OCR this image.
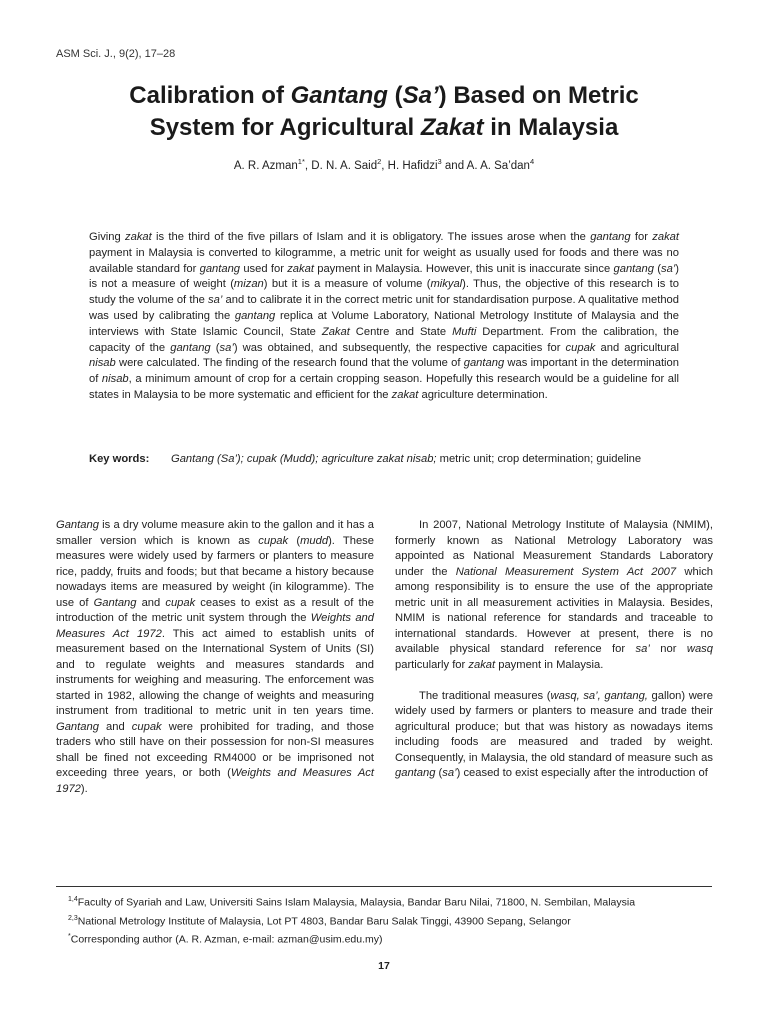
ASM Sci. J., 9(2), 17–28
Calibration of Gantang (Sa’) Based on Metric
System for Agricultural Zakat in Malaysia
A. R. Azman$^{1*}$, D. N. A. Said$^2$, H. Hafidzi$^3$ and A. A. Sa’dan$^4$
Giving zakat is the third of the five pillars of Islam and it is obligatory. The issues arose when the gantang for zakat payment in Malaysia is converted to kilogramme, a metric unit for weight as usually used for foods and there was no available standard for gantang used for zakat payment in Malaysia. However, this unit is inaccurate since gantang (sa’) is not a measure of weight (mizan) but it is a measure of volume (mikyal). Thus, the objective of this research is to study the volume of the sa’ and to calibrate it in the correct metric unit for standardisation purpose. A qualitative method was used by calibrating the gantang replica at Volume Laboratory, National Metrology Institute of Malaysia and the interviews with State Islamic Council, State Zakat Centre and State Mufti Department. From the calibration, the capacity of the gantang (sa’) was obtained, and subsequently, the respective capacities for cupak and agricultural nisab were calculated. The finding of the research found that the volume of gantang was important in the determination of nisab, a minimum amount of crop for a certain cropping season. Hopefully this research would be a guideline for all states in Malaysia to be more systematic and efficient for the zakat agriculture determination.
Key words:	Gantang (Sa’); cupak (Mudd); agriculture zakat nisab; metric unit; crop determination; guideline

Gantang is a dry volume measure akin to the gallon and it has a smaller version which is known as cupak (mudd). These measures were widely used by farmers or planters to measure rice, paddy, fruits and foods; but that became a history because nowadays items are measured by weight (in kilogramme). The use of Gantang and cupak ceases to exist as a result of the introduction of the metric unit system through the Weights and Measures Act 1972. This act aimed to establish units of measurement based on the International System of Units (SI) and to regulate weights and measures standards and instruments for weighing and measuring. The enforcement was started in 1982, allowing the change of weights and measuring instrument from traditional to metric unit in ten years time. Gantang and cupak were prohibited for trading, and those traders who still have on their possession for non-SI measures shall be fined not exceeding RM4000 or be imprisoned not exceeding three years, or both (Weights and Measures Act 1972).

In 2007, National Metrology Institute of Malaysia (NMIM), formerly known as National Metrology Laboratory was appointed as National Measurement Standards Laboratory under the National Measurement System Act 2007 which among responsibility is to ensure the use of the appropriate metric unit in all measurement activities in Malaysia. Besides, NMIM is national reference for standards and traceable to international standards. However at present, there is no available physical standard reference for sa’ nor wasq particularly for zakat payment in Malaysia.

The traditional measures (wasq, sa’, gantang, gallon) were widely used by farmers or planters to measure and trade their agricultural produce; but that was history as nowadays items including foods are measured and traded by weight. Consequently, in Malaysia, the old standard of measure such as gantang (sa’) ceased to exist especially after the introduction of

$^{1,4}$Faculty of Syariah and Law, Universiti Sains Islam Malaysia, Malaysia, Bandar Baru Nilai, 71800, N. Sembilan, Malaysia
$^{2,3}$National Metrology Institute of Malaysia, Lot PT 4803, Bandar Baru Salak Tinggi, 43900 Sepang, Selangor
*Corresponding author (A. R. Azman, e-mail: azman@usim.edu.my)
17
